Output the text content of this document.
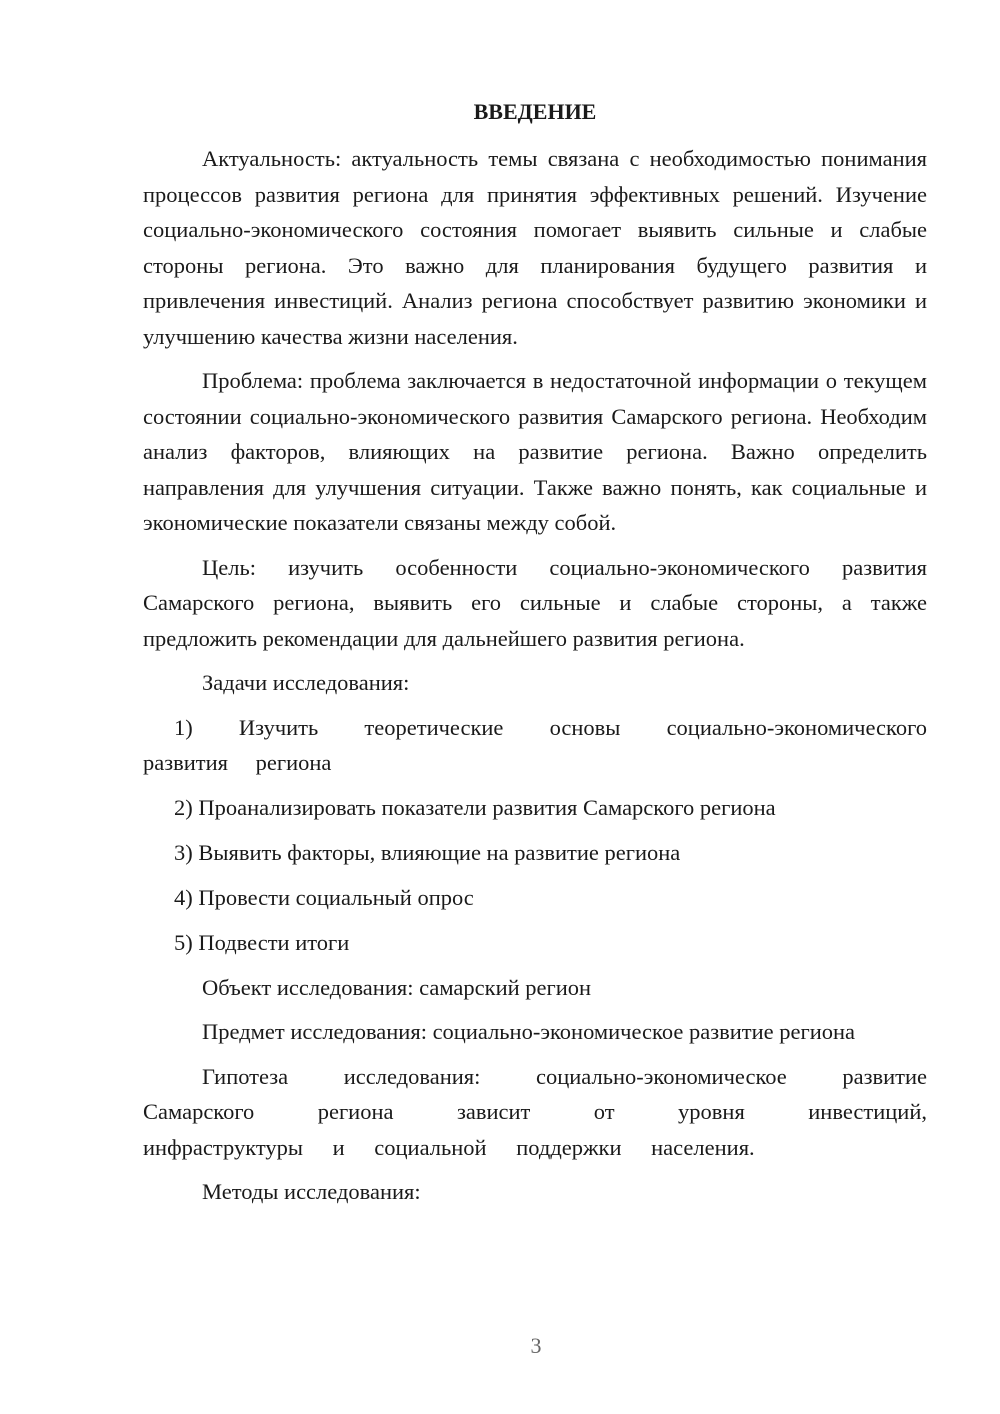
ВВЕДЕНИЕ

Актуальность: актуальность темы связана с необходимостью понимания процессов развития региона для принятия эффективных решений. Изучение социально-экономического состояния помогает выявить сильные и слабые стороны региона. Это важно для планирования будущего развития и привлечения инвестиций. Анализ региона способствует развитию экономики и улучшению качества жизни населения.

Проблема: проблема заключается в недостаточной информации о текущем состоянии социально-экономического развития Самарского региона. Необходим анализ факторов, влияющих на развитие региона. Важно определить направления для улучшения ситуации. Также важно понять, как социальные и экономические показатели связаны между собой.

Цель: изучить особенности социально-экономического развития Самарского региона, выявить его сильные и слабые стороны, а также предложить рекомендации для дальнейшего развития региона.

Задачи исследования:

1) Изучить теоретические основы социально-экономического развития региона

2) Проанализировать показатели развития Самарского региона

3) Выявить факторы, влияющие на развитие региона

4) Провести социальный опрос

5) Подвести итоги

Объект исследования: самарский регион

Предмет исследования: социально-экономическое развитие региона

Гипотеза исследования: социально-экономическое развитие Самарского региона зависит от уровня инвестиций, инфраструктуры и социальной поддержки населения.

Методы исследования:

3
